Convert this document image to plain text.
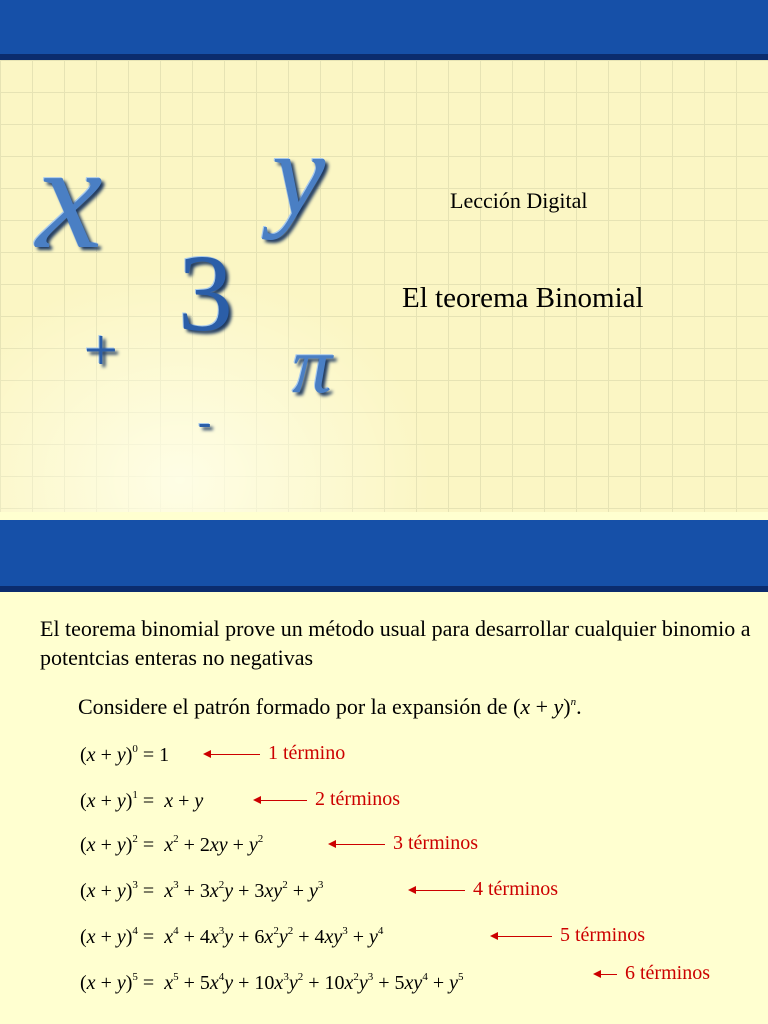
x y
3
π
+
-
Lección Digital
El teorema Binomial

El teorema binomial prove un método usual para desarrollar cualquier binomio a potentcias enteras no negativas

Considere el patrón formado por la expansión de $(x + y)^n$.
$(x + y)^0 = 1$	1 término
$(x + y)^1 = x + y$	2 términos
$(x + y)^2 = x^2 + 2xy + y^2$	3 términos
$(x + y)^3 = x^3 + 3x^2y + 3xy^2 + y^3$	4 términos
$(x + y)^4 = x^4 + 4x^3y + 6x^2y^2 + 4xy^3 + y^4$	5 términos
$(x + y)^5 = x^5 + 5x^4y + 10x^3y^2 + 10x^2y^3 + 5xy^4 + y^5$	6 términos
